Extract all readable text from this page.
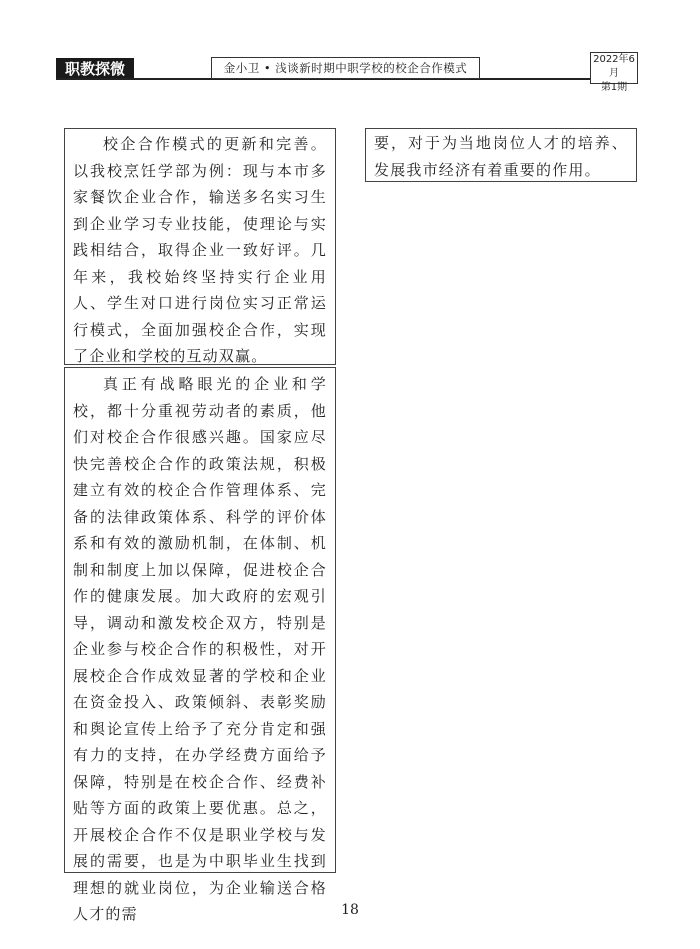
职教探微	金小卫 • 浅谈新时期中职学校的校企合作模式
2022年6月
第1期

校企合作模式的更新和完善。以我校烹饪学部为例：现与本市多家餐饮企业合作，输送多名实习生到企业学习专业技能，使理论与实践相结合，取得企业一致好评。几年来，我校始终坚持实行企业用人、学生对口进行岗位实习正常运行模式，全面加强校企合作，实现了企业和学校的互动双赢。

真正有战略眼光的企业和学校，都十分重视劳动者的素质，他们对校企合作很感兴趣。国家应尽快完善校企合作的政策法规，积极建立有效的校企合作管理体系、完备的法律政策体系、科学的评价体系和有效的激励机制，在体制、机制和制度上加以保障，促进校企合作的健康发展。加大政府的宏观引导，调动和激发校企双方，特别是企业参与校企合作的积极性，对开展校企合作成效显著的学校和企业在资金投入、政策倾斜、表彰奖励和舆论宣传上给予了充分肯定和强有力的支持，在办学经费方面给予保障，特别是在校企合作、经费补贴等方面的政策上要优惠。总之，开展校企合作不仅是职业学校与发展的需要，也是为中职毕业生找到理想的就业岗位，为企业输送合格人才的需

要，对于为当地岗位人才的培养、发展我市经济有着重要的作用。

18
